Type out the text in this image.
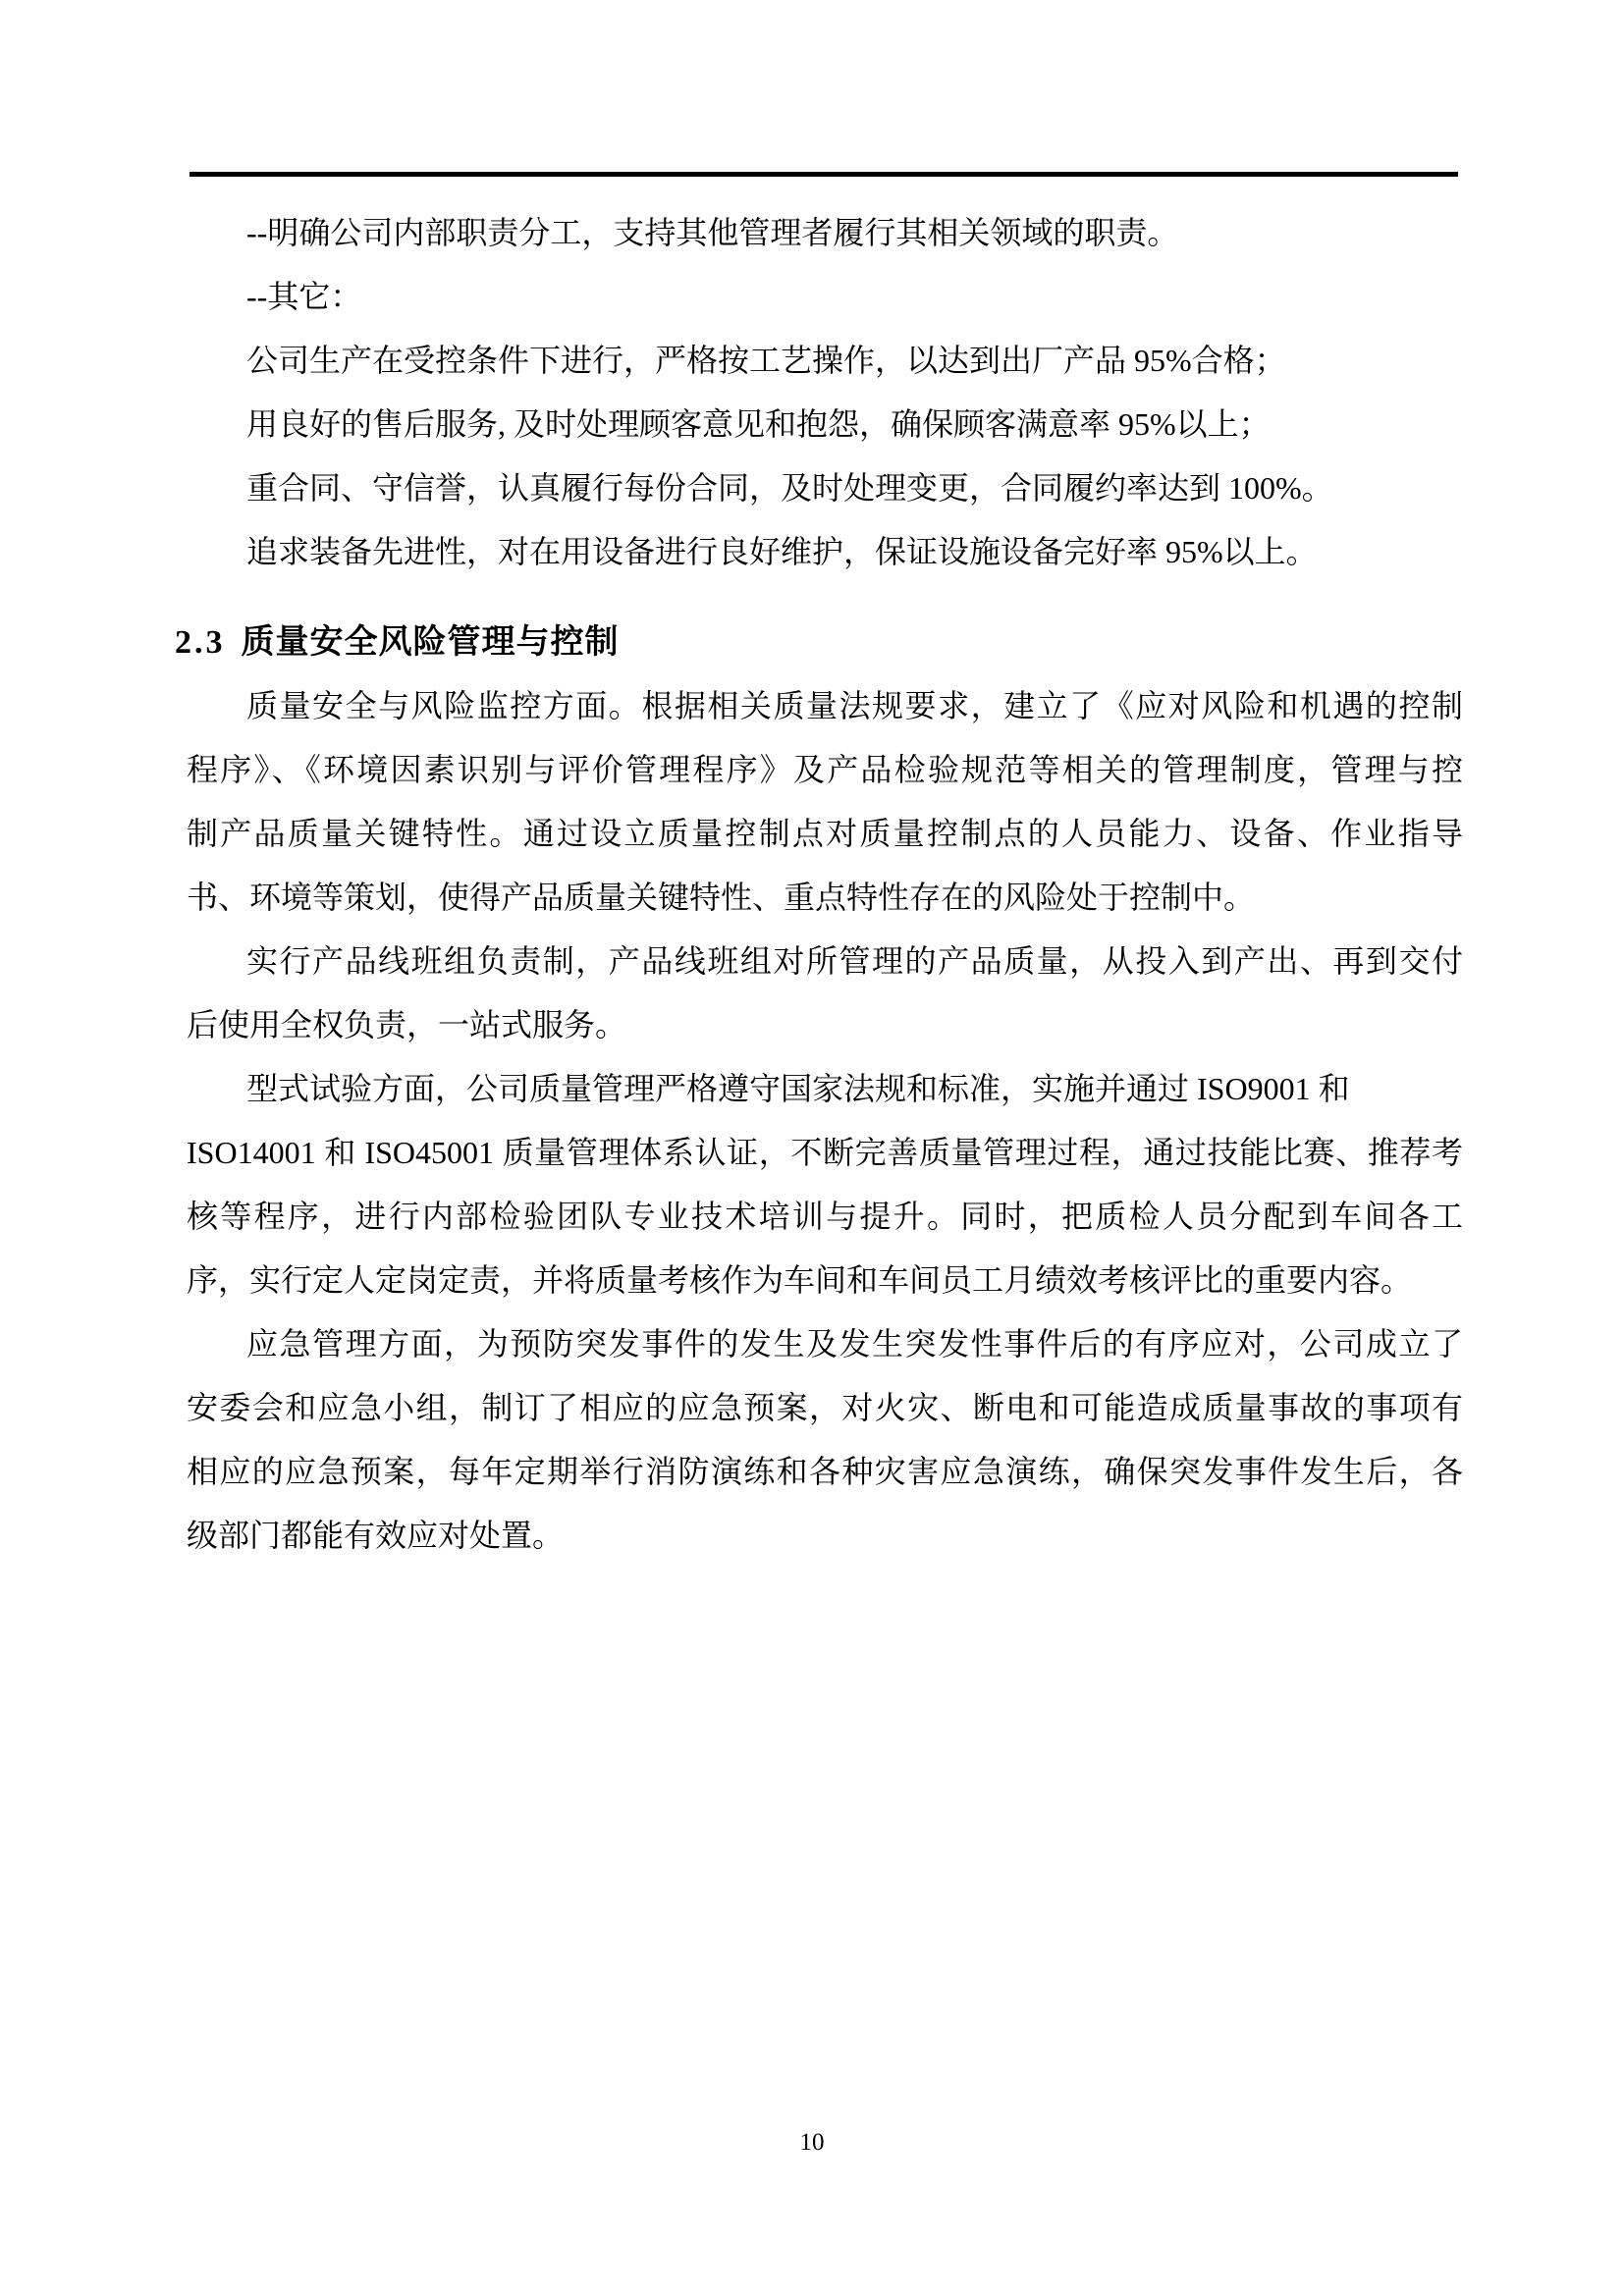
--明确公司内部职责分工，支持其他管理者履行其相关领域的职责。
--其它：
公司生产在受控条件下进行，严格按工艺操作，以达到出厂产品 95%合格；
用良好的售后服务, 及时处理顾客意见和抱怨，确保顾客满意率 95%以上；
重合同、守信誉，认真履行每份合同，及时处理变更，合同履约率达到 100%。
追求装备先进性，对在用设备进行良好维护，保证设施设备完好率 95%以上。
2.3 质量安全风险管理与控制
质量安全与风险监控方面。根据相关质量法规要求，建立了《应对风险和机遇的控制
程序》、《环境因素识别与评价管理程序》及产品检验规范等相关的管理制度，管理与控
制产品质量关键特性。通过设立质量控制点对质量控制点的人员能力、设备、作业指导
书、环境等策划，使得产品质量关键特性、重点特性存在的风险处于控制中。
实行产品线班组负责制，产品线班组对所管理的产品质量，从投入到产出、再到交付
后使用全权负责，一站式服务。
型式试验方面，公司质量管理严格遵守国家法规和标准，实施并通过 ISO9001 和
ISO14001 和 ISO45001 质量管理体系认证，不断完善质量管理过程，通过技能比赛、推荐考
核等程序，进行内部检验团队专业技术培训与提升。同时，把质检人员分配到车间各工
序，实行定人定岗定责，并将质量考核作为车间和车间员工月绩效考核评比的重要内容。
应急管理方面，为预防突发事件的发生及发生突发性事件后的有序应对，公司成立了
安委会和应急小组，制订了相应的应急预案，对火灾、断电和可能造成质量事故的事项有
相应的应急预案，每年定期举行消防演练和各种灾害应急演练，确保突发事件发生后，各
级部门都能有效应对处置。
10
